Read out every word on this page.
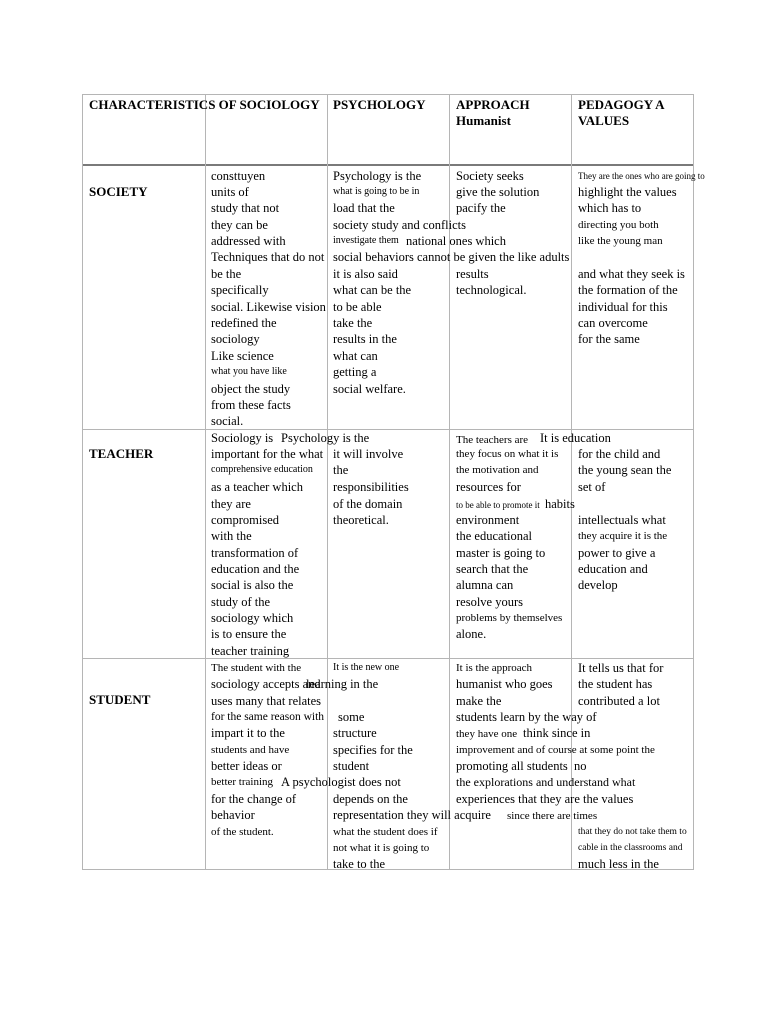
CHARACTERISTICS OF SOCIOLOGY PSYCHOLOGY APPROACH
Humanist
PEDAGOGY A
VALUES
SOCIETY
consttuyen
units of
study that not
they can be
addressed with
Techniques that do not
be the
specifically
social. Likewise vision
redefined the
sociology
Like science
what you have like
object the study
from these facts
social.
Psychology is the
what is going to be in
load that the
society study and conflicts
investigate them
social behaviors cannot be given the like adults
it is also said
what can be the
to be able
take the
results in the
what can
getting a
social welfare.
Society seeks
give the solution
pacify the
national ones which
results
technological.
They are the ones who are going to
highlight the values
which has to
directing you both
like the young man
and what they seek is
the formation of the
individual for this
can overcome
for the same
TEACHER
Sociology is
important for the what
comprehensive education
as a teacher which
they are
compromised
with the
transformation of
education and the
social is also the
study of the
sociology which
is to ensure the
teacher training
Psychology is the
it will involve
the
responsibilities
of the domain
theoretical.
The teachers are
they focus on what it is
the motivation and
resources for
to be able to promote it
environment
the educational
master is going to
search that the
alumna can
resolve yours
problems by themselves
alone.
It is education
for the child and
the young sean the
set of
habits
intellectuals what
they acquire it is the
power to give a
education and
develop
STUDENT
The student with the
sociology accepts and
uses many that relates
for the same reason with
impart it to the
students and have
better ideas or
better training
for the change of
behavior
of the student.
It is the new one
learning in the
some
structure
specifies for the
student
A psychologist does not
depends on the
representation they will acquire
what the student does if
not what it is going to
take to the
It is the approach
humanist who goes
make the
students learn by the way of
they have one
improvement and of course at some point the
promoting all students
the explorations and understand what
experiences that they are the values
since there are times
It tells us that for
the student has
contributed a lot
think since in
no
that they do not take them to
cable in the classrooms and
much less in the
